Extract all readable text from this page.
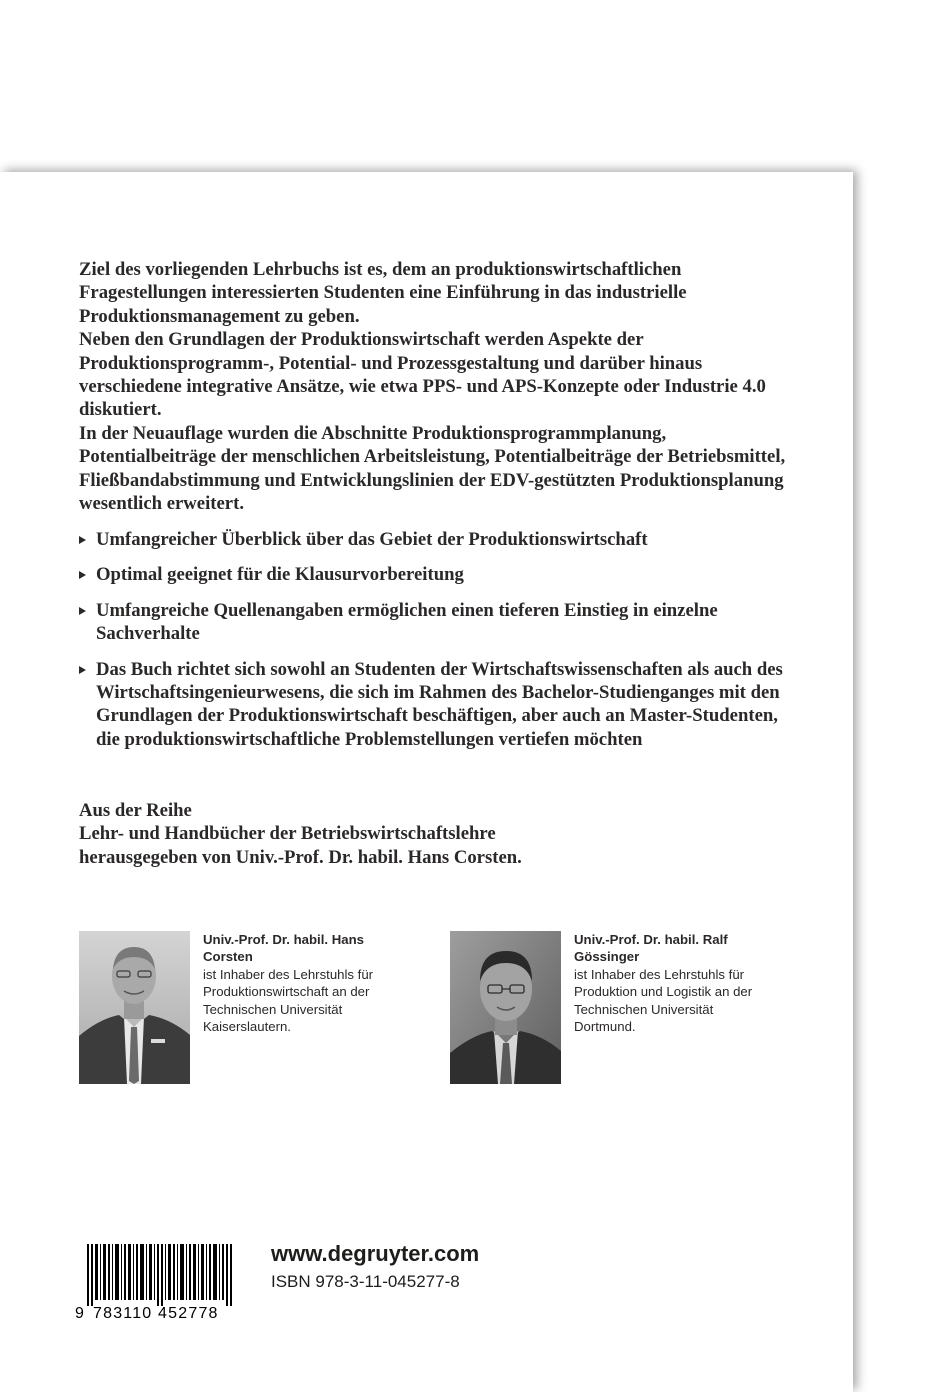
Ziel des vorliegenden Lehrbuchs ist es, dem an produktionswirtschaftlichen Fragestellungen interessierten Studenten eine Einführung in das industrielle Produktionsmanagement zu geben.

Neben den Grundlagen der Produktionswirtschaft werden Aspekte der Produktionsprogramm-, Potential- und Prozessgestaltung und darüber hinaus verschiedene integrative Ansätze, wie etwa PPS- und APS-Konzepte oder Industrie 4.0 diskutiert.

In der Neuauflage wurden die Abschnitte Produktionsprogrammplanung, Potentialbeiträge der menschlichen Arbeitsleistung, Potentialbeiträge der Betriebsmittel, Fließbandabstimmung und Entwicklungslinien der EDV-gestützten Produktionsplanung wesentlich erweitert.

Umfangreicher Überblick über das Gebiet der Produktionswirtschaft
Optimal geeignet für die Klausurvorbereitung
Umfangreiche Quellenangaben ermöglichen einen tieferen Einstieg in einzelne Sachverhalte
Das Buch richtet sich sowohl an Studenten der Wirtschaftswissenschaften als auch des Wirtschaftsingenieurwesens, die sich im Rahmen des Bachelor-Studienganges mit den Grundlagen der Produktionswirtschaft beschäftigen, aber auch an Master-Studenten, die produktionswirtschaftliche Problemstellungen vertiefen möchten
Aus der Reihe
Lehr- und Handbücher der Betriebswirtschaftslehre
herausgegeben von Univ.-Prof. Dr. habil. Hans Corsten.
Univ.-Prof. Dr. habil. Hans Corsten
ist Inhaber des Lehrstuhls für Produktionswirtschaft an der Technischen Universität Kaiserslautern.
Univ.-Prof. Dr. habil. Ralf Gössinger
ist Inhaber des Lehrstuhls für Produktion und Logistik an der Technischen Universität Dortmund.
9 783110 452778
www.degruyter.com
ISBN 978-3-11-045277-8
